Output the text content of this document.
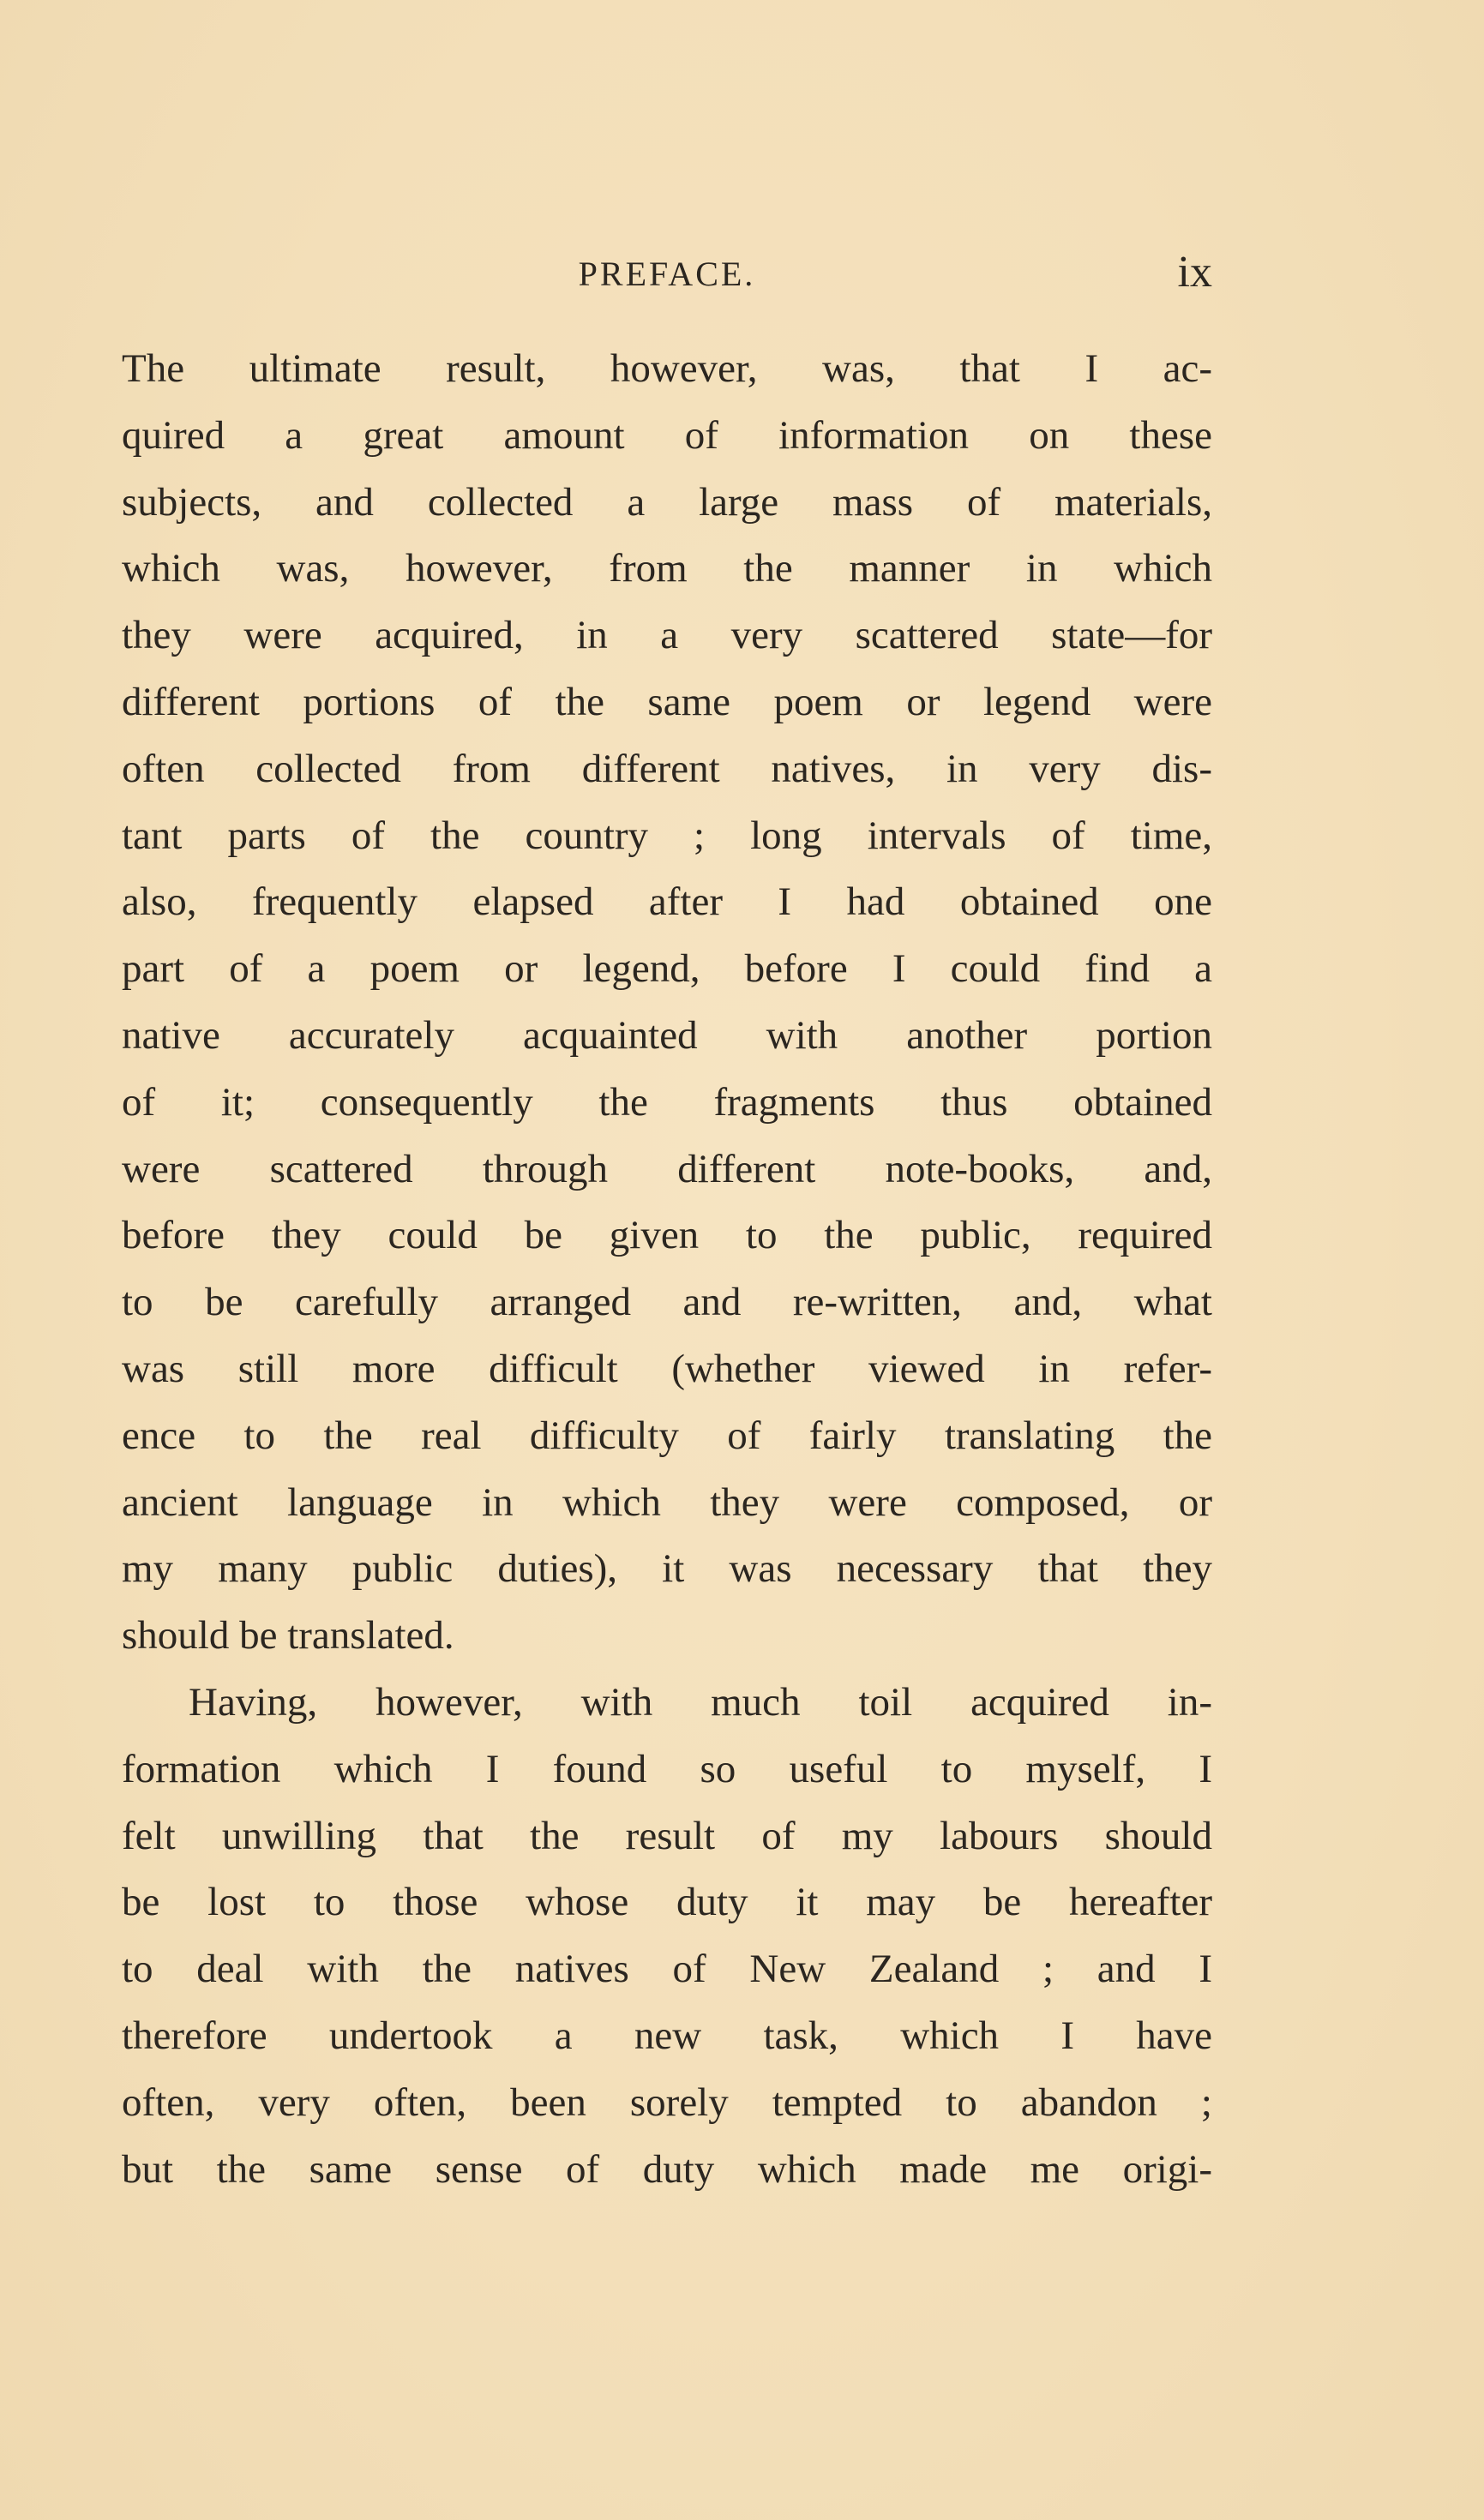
PREFACE.	ix
The ultimate result, however, was, that I ac-
quired a great amount of information on these
subjects, and collected a large mass of materials,
which was, however, from the manner in which
they were acquired, in a very scattered state—for
different portions of the same poem or legend were
often collected from different natives, in very dis-
tant parts of the country ; long intervals of time,
also, frequently elapsed after I had obtained one
part of a poem or legend, before I could find a
native accurately acquainted with another portion
of it; consequently the fragments thus obtained
were scattered through different note-books, and,
before they could be given to the public, required
to be carefully arranged and re-written, and, what
was still more difficult (whether viewed in refer-
ence to the real difficulty of fairly translating the
ancient language in which they were composed, or
my many public duties), it was necessary that they
should be translated.
Having, however, with much toil acquired in-
formation which I found so useful to myself, I
felt unwilling that the result of my labours should
be lost to those whose duty it may be hereafter
to deal with the natives of New Zealand ; and I
therefore undertook a new task, which I have
often, very often, been sorely tempted to abandon ;
but the same sense of duty which made me origi-
